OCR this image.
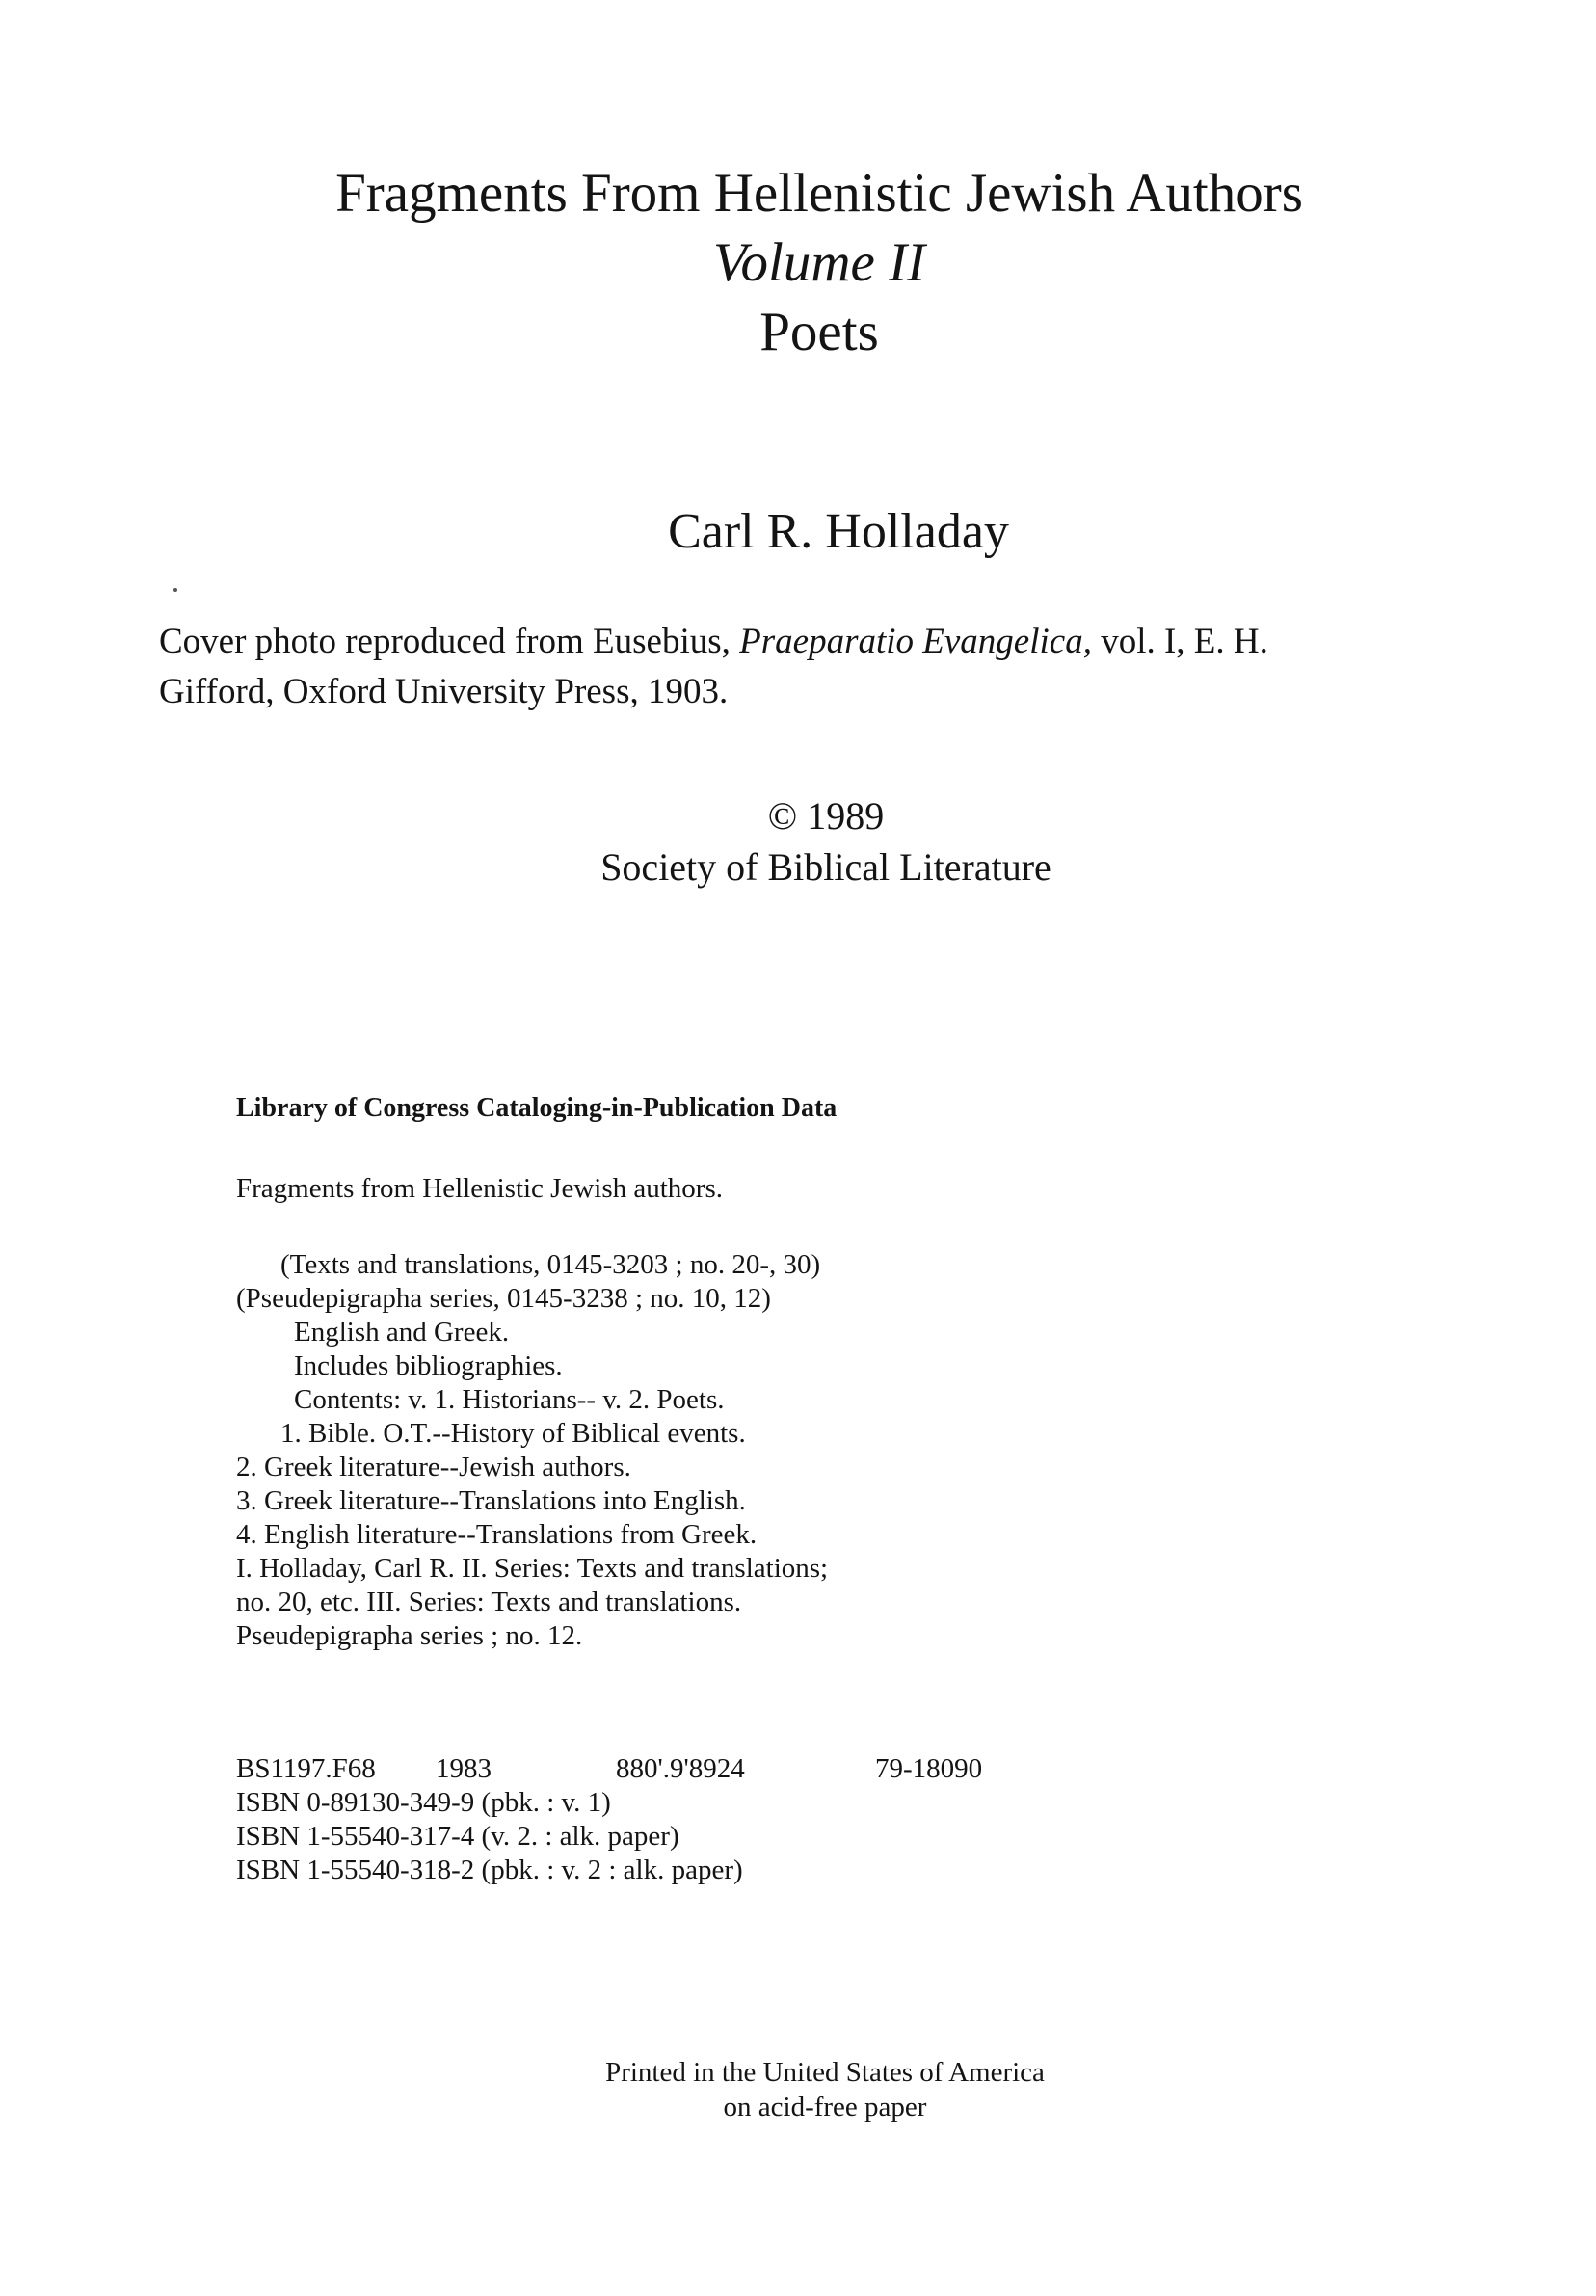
Fragments From Hellenistic Jewish Authors
Volume II
Poets
Carl R. Holladay
Cover photo reproduced from Eusebius, Praeparatio Evangelica, vol. I, E. H.
Gifford, Oxford University Press, 1903.
© 1989
Society of Biblical Literature
Library of Congress Cataloging-in-Publication Data
Fragments from Hellenistic Jewish authors.
(Texts and translations, 0145-3203 ; no. 20-, 30)
(Pseudepigrapha series, 0145-3238 ; no. 10, 12)
English and Greek.
Includes bibliographies.
Contents: v. 1. Historians-- v. 2. Poets.
1. Bible. O.T.--History of Biblical events.
2. Greek literature--Jewish authors.
3. Greek literature--Translations into English.
4. English literature--Translations from Greek.
I. Holladay, Carl R. II. Series: Texts and translations;
no. 20, etc. III. Series: Texts and translations.
Pseudepigrapha series ; no. 12.
BS1197.F68 1983	880'.9'8924	79-18090
ISBN 0-89130-349-9 (pbk. : v. 1)
ISBN 1-55540-317-4 (v. 2. : alk. paper)
ISBN 1-55540-318-2 (pbk. : v. 2 : alk. paper)
Printed in the United States of America
on acid-free paper
